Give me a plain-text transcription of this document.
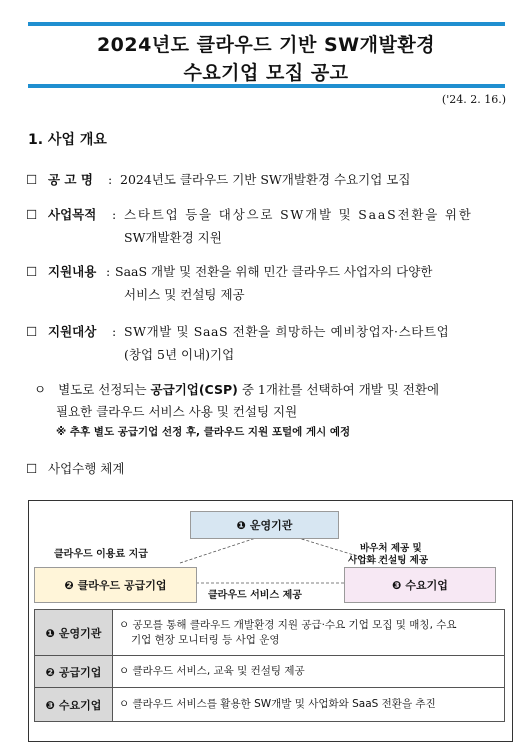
2024년도 클라우드 기반 SW개발환경
수요기업 모집 공고
('24. 2. 16.)
1. 사업 개요
☐ 공 고 명 : 2024년도 클라우드 기반 SW개발환경 수요기업 모집
☐ 사업목적 : 스타트업 등을 대상으로 SW개발 및 SaaS전환을 위한
SW개발환경 지원
☐ 지원내용 : SaaS 개발 및 전환을 위해 민간 클라우드 사업자의 다양한
서비스 및 컨설팅 제공
☐ 지원대상 : SW개발 및 SaaS 전환을 희망하는 예비창업자·스타트업
(창업 5년 이내)기업
ㅇ 별도로 선정되는 공급기업(CSP) 중 1개社를 선택하여 개발 및 전환에
필요한 클라우드 서비스 사용 및 컨설팅 지원
※ 추후 별도 공급기업 선정 후, 클라우드 지원 포털에 게시 예정
☐ 사업수행 체계
❶ 운영기관
❷ 클라우드 공급기업	❸ 수요기업
클라우드 이용료 지급
바우처 제공 및
사업화 컨설팅 제공
클라우드 서비스 제공
❶ 운영기관	ㅇ 공모를 통해 클라우드 개발환경 지원 공급·수요 기업 모집 및 매칭, 수요
기업 현장 모니터링 등 사업 운영

❷ 공급기업	ㅇ 클라우드 서비스, 교육 및 컨설팅 제공
❸ 수요기업	ㅇ 클라우드 서비스를 활용한 SW개발 및 사업화와 SaaS 전환을 추진
